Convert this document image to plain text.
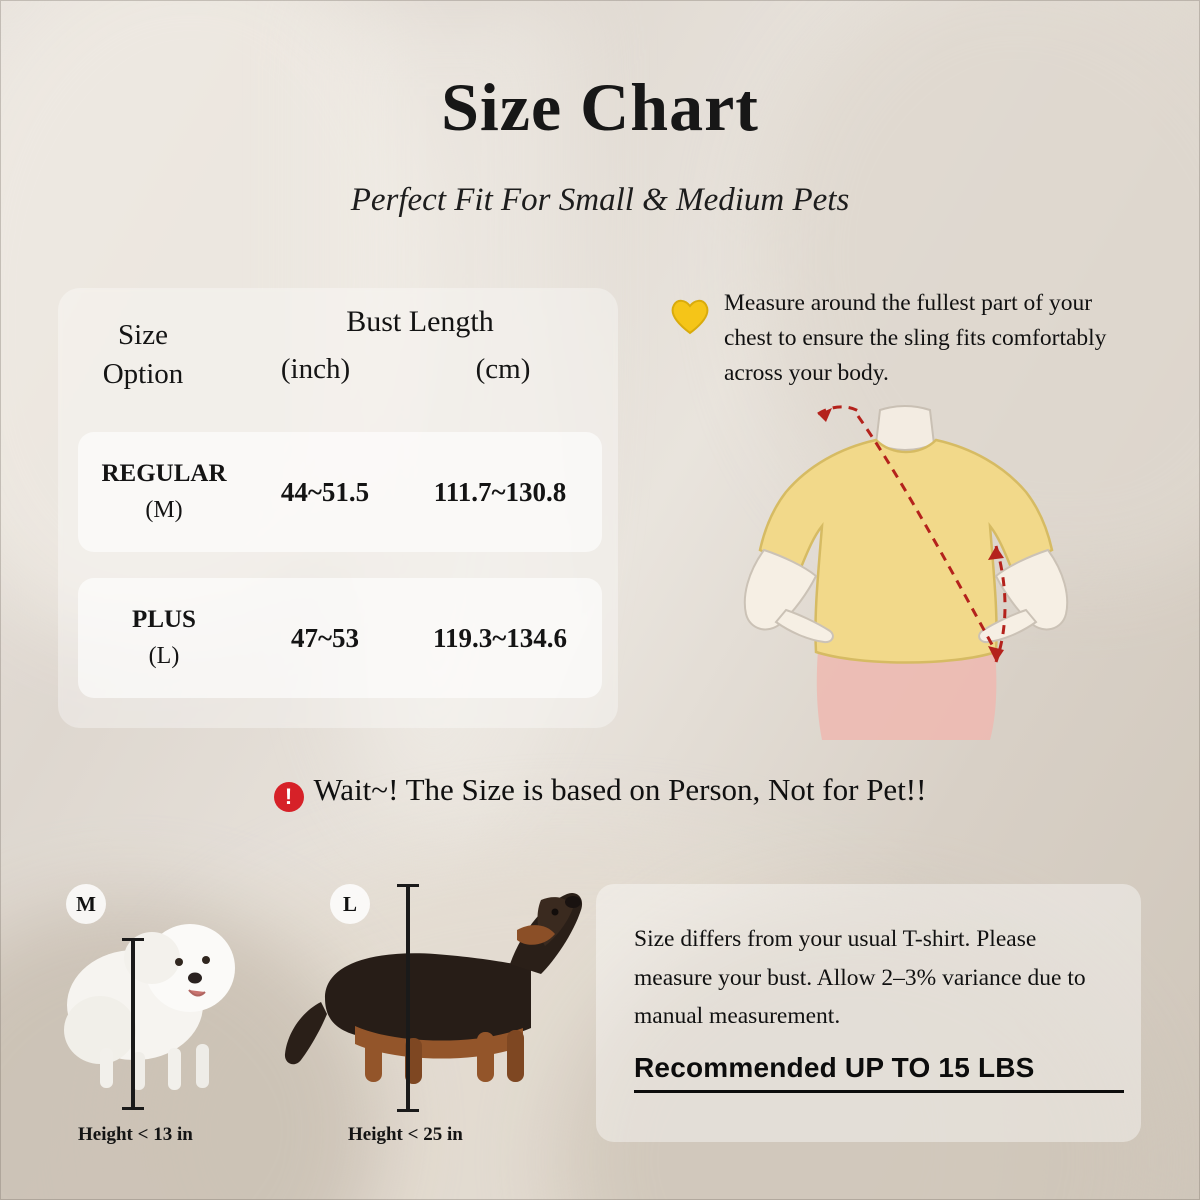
Size Chart
Perfect Fit For Small & Medium Pets
Bust Length
Size
Option	(inch)	(cm)
REGULAR
(M)
44~51.5	111.7~130.8
PLUS
(L)
47~53	119.3~134.6
Measure around the fullest part of your chest to ensure the sling fits comfortably across your body.
! Wait~! The Size is based on Person, Not for Pet!!
M	L
Height < 13 in	Height < 25 in
Size differs from your usual T-shirt. Please measure your bust. Allow 2–3% variance due to manual measurement.
Recommended UP TO 15 LBS
